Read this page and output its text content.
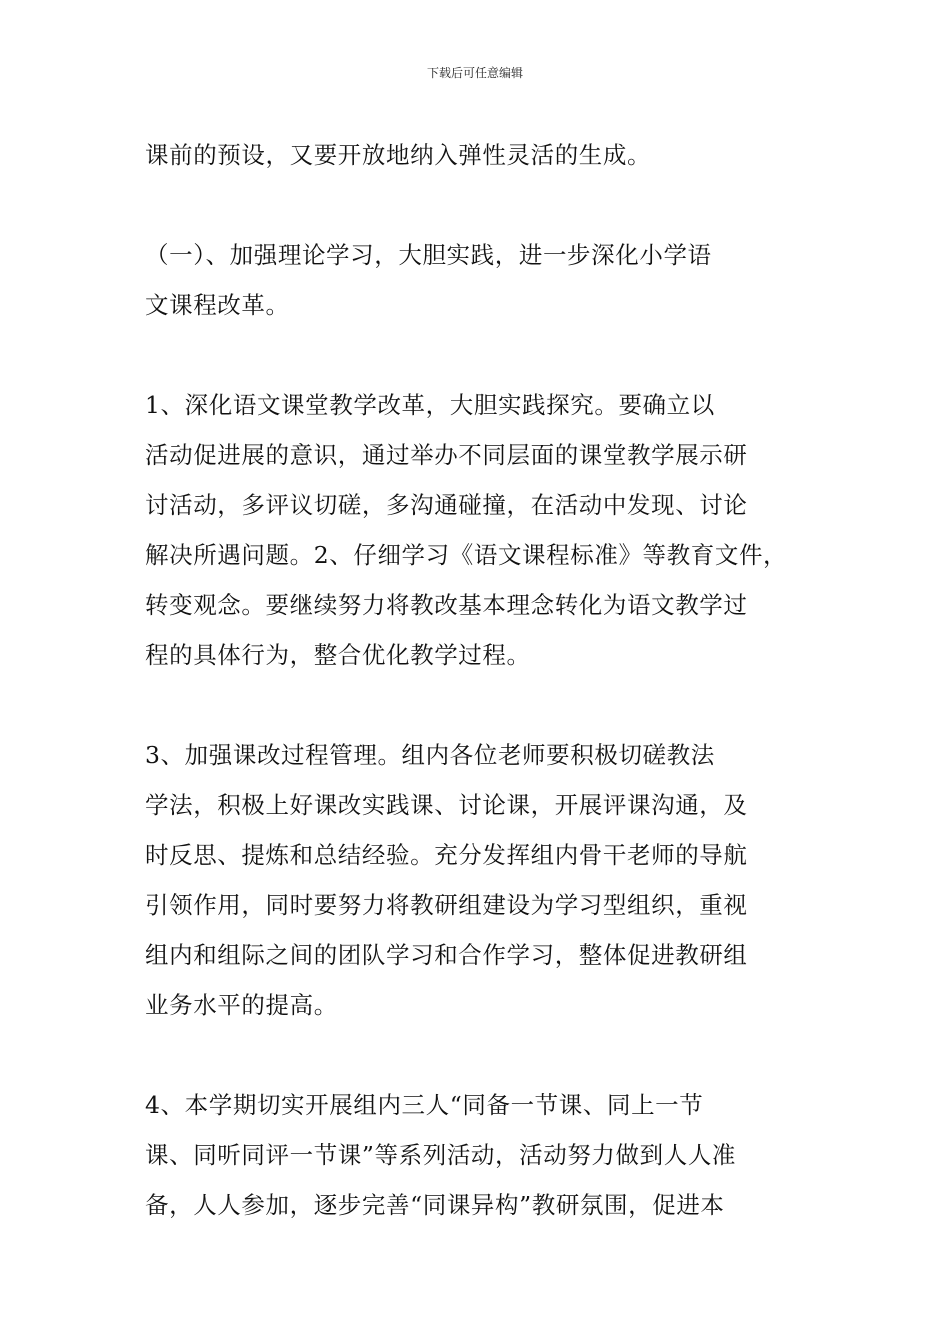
下载后可任意编辑
课前的预设，又要开放地纳入弹性灵活的生成。
（一）、加强理论学习，大胆实践，进一步深化小学语
文课程改革。
1、深化语文课堂教学改革，大胆实践探究。要确立以
活动促进展的意识，通过举办不同层面的课堂教学展示研
讨活动，多评议切磋，多沟通碰撞，在活动中发现、讨论
解决所遇问题。2、仔细学习《语文课程标准》等教育文件，
转变观念。要继续努力将教改基本理念转化为语文教学过
程的具体行为，整合优化教学过程。
3、加强课改过程管理。组内各位老师要积极切磋教法
学法，积极上好课改实践课、讨论课，开展评课沟通，及
时反思、提炼和总结经验。充分发挥组内骨干老师的导航
引领作用，同时要努力将教研组建设为学习型组织，重视
组内和组际之间的团队学习和合作学习，整体促进教研组
业务水平的提高。
4、本学期切实开展组内三人“同备一节课、同上一节
课、同听同评一节课”等系列活动，活动努力做到人人准
备，人人参加，逐步完善“同课异构”教研氛围，促进本
